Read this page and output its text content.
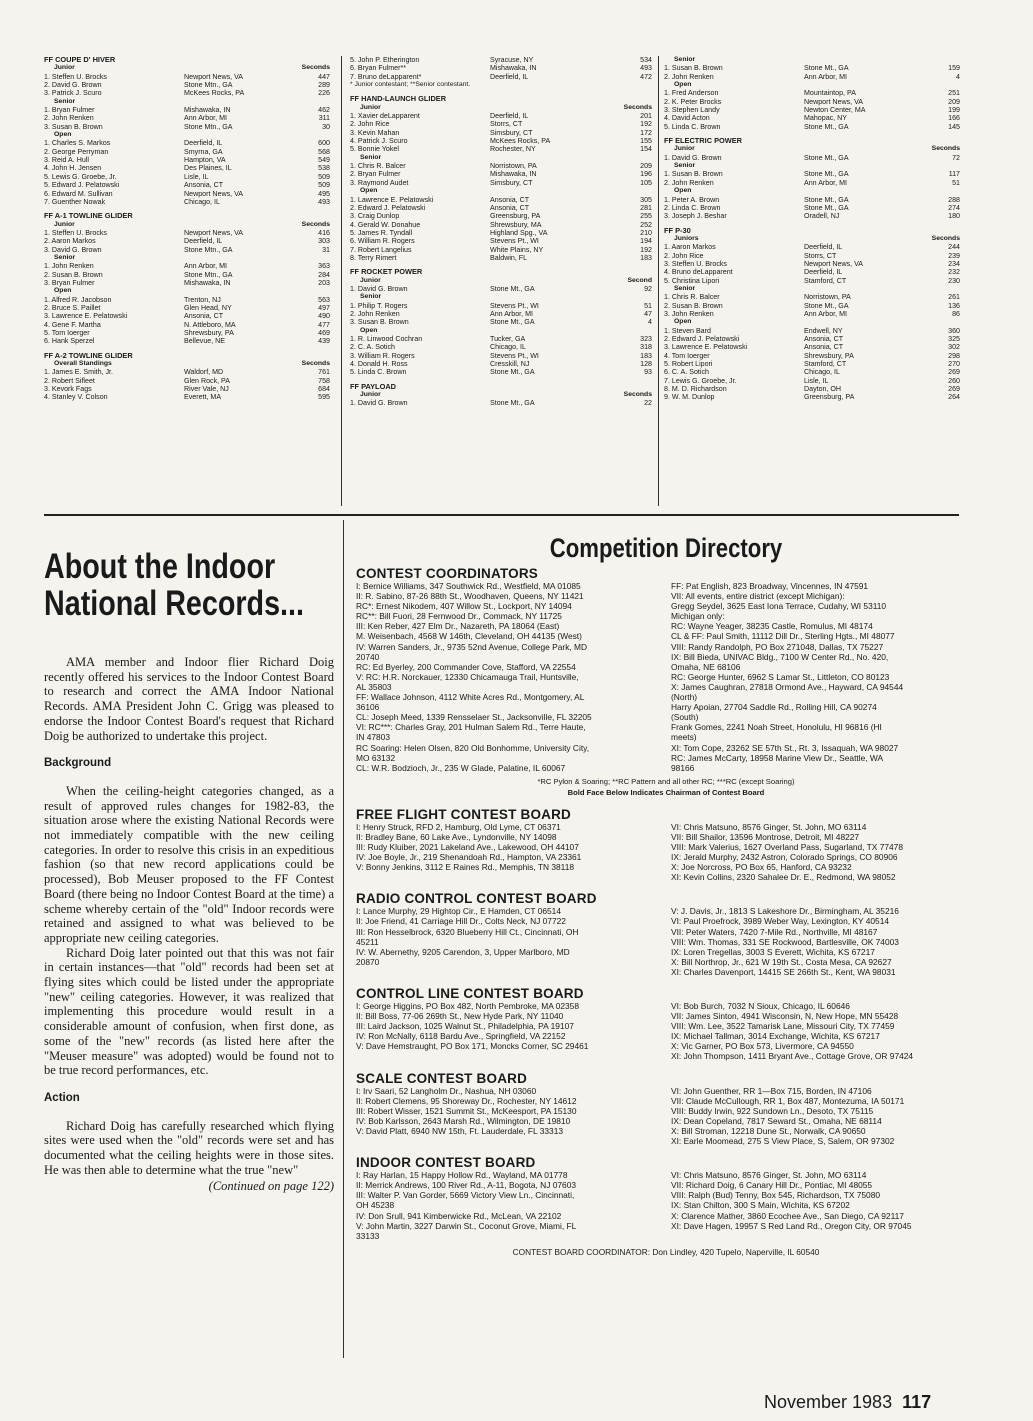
FF COUPE D' HIVER
Junior	Seconds
1. Steffen U. Brocks	Newport News, VA	447
2. David G. Brown	Stone Mtn., GA	289
3. Patrick J. Scuro	McKees Rocks, PA	226
Senior
1. Bryan Fulmer	Mishawaka, IN	462
2. John Renken	Ann Arbor, MI	311
3. Susan B. Brown	Stone Mtn., GA	30
Open
1. Charles S. Markos	Deerfield, IL	600
2. George Perryman	Smyrna, GA	568
3. Reid A. Hull	Hampton, VA	549
4. John H. Jensen	Des Plaines, IL	538
5. Lewis G. Groebe, Jr.	Lisle, IL	509
5. Edward J. Pelatowski	Ansonia, CT	509
6. Edward M. Sullivan	Newport News, VA	495
7. Guenther Nowak	Chicago, IL	493
FF A-1 TOWLINE GLIDER
Junior	Seconds
1. Steffen U. Brocks	Newport News, VA	416
2. Aaron Markos	Deerfield, IL	303
3. David G. Brown	Stone Mtn., GA	31
Senior
1. John Renken	Ann Arbor, MI	363
2. Susan B. Brown	Stone Mtn., GA	284
3. Bryan Fulmer	Mishawaka, IN	203
Open
1. Alfred R. Jacobson	Trenton, NJ	563
2. Bruce S. Paillet	Glen Head, NY	497
3. Lawrence E. Pelatowski	Ansonia, CT	490
4. Gene F. Martha	N. Attleboro, MA	477
5. Tom Ioerger	Shrewsbury, PA	469
6. Hank Sperzel	Bellevue, NE	439
FF A-2 TOWLINE GLIDER
Overall Standings	Seconds
1. James E. Smith, Jr.	Waldorf, MD	761
2. Robert Sifleet	Glen Rock, PA	758
3. Kevork Fags	River Vale, NJ	684
4. Stanley V. Colson	Everett, MA	595
5. John P. Etherington	Syracuse, NY	534
6. Bryan Fulmer**	Mishawaka, IN	493
7. Bruno deLapparent*	Deerfield, IL	472
* Junior contestant; **Senior contestant.
FF HAND-LAUNCH GLIDER
Junior	Seconds
1. Xavier deLapparent	Deerfield, IL	201
2. John Rice	Storrs, CT	192
3. Kevin Mahan	Simsbury, CT	172
4. Patrick J. Scuro	McKees Rocks, PA	155
5. Bonnie Yokel	Rochester, NY	154
Senior
1. Chris R. Balcer	Norristown, PA	209
2. Bryan Fulmer	Mishawaka, IN	196
3. Raymond Audet	Simsbury, CT	105
Open
1. Lawrence E. Pelatowski	Ansonia, CT	305
2. Edward J. Pelatowski	Ansonia, CT	281
3. Craig Dunlop	Greensburg, PA	255
4. Gerald W. Donahue	Shrewsbury, MA	252
5. James R. Tyndall	Highland Spg., VA	210
6. William R. Rogers	Stevens Pt., WI	194
7. Robert Langelius	White Plains, NY	192
8. Terry Rimert	Baldwin, FL	183
FF ROCKET POWER
Junior	Second
1. David G. Brown	Stone Mt., GA	92
Senior
1. Philip T. Rogers	Stevens Pt., WI	51
2. John Renken	Ann Arbor, MI	47
3. Susan B. Brown	Stone Mt., GA	4
Open
1. R. Linwood Cochran	Tucker, GA	323
2. C. A. Sotich	Chicago, IL	318
3. William R. Rogers	Stevens Pt., WI	183
4. Donald H. Ross	Cresskill, NJ	128
5. Linda C. Brown	Stone Mt., GA	93
FF PAYLOAD
Junior	Seconds
1. David G. Brown	Stone Mt., GA	22
Senior
1. Susan B. Brown	Stone Mt., GA	159
2. John Renken	Ann Arbor, MI	4
Open
1. Fred Anderson	Mountaintop, PA	251
2. K. Peter Brocks	Newport News, VA	209
3. Stephen Landy	Newton Center, MA	199
4. David Acton	Mahopac, NY	166
5. Linda C. Brown	Stone Mt., GA	145
FF ELECTRIC POWER
Junior	Seconds
1. David G. Brown	Stone Mt., GA	72
Senior
1. Susan B. Brown	Stone Mt., GA	117
2. John Renken	Ann Arbor, MI	51
Open
1. Peter A. Brown	Stone Mt., GA	288
2. Linda C. Brown	Stone Mt., GA	274
3. Joseph J. Beshar	Oradell, NJ	180
FF P-30
Juniors	Seconds
1. Aaron Markos	Deerfield, IL	244
2. John Rice	Storrs, CT	239
3. Steffen U. Brocks	Newport News, VA	234
4. Bruno deLapparent	Deerfield, IL	232
5. Christina Lipori	Stamford, CT	230
Senior
1. Chris R. Balcer	Norristown, PA	261
2. Susan B. Brown	Stone Mt., GA	136
3. John Renken	Ann Arbor, MI	86
Open
1. Steven Bard	Endwell, NY	360
2. Edward J. Pelatowski	Ansonia, CT	325
3. Lawrence E. Pelatowski	Ansonia, CT	302
4. Tom Ioerger	Shrewsbury, PA	298
5. Robert Lipori	Stamford, CT	270
6. C. A. Sotich	Chicago, IL	269
7. Lewis G. Groebe, Jr.	Lisle, IL	260
8. M. D. Richardson	Dayton, OH	269
9. W. M. Dunlop	Greensburg, PA	264
About the Indoor
National Records...

AMA member and Indoor flier Richard Doig recently offered his services to the Indoor Contest Board to research and correct the AMA Indoor National Records. AMA President John C. Grigg was pleased to endorse the Indoor Contest Board's request that Richard Doig be authorized to undertake this project.

Background

When the ceiling-height categories changed, as a result of approved rules changes for 1982-83, the situation arose where the existing National Records were not immediately compatible with the new ceiling categories. In order to resolve this crisis in an expeditious fashion (so that new record applications could be processed), Bob Meuser proposed to the FF Contest Board (there being no Indoor Contest Board at the time) a scheme whereby certain of the "old" Indoor records were retained and assigned to what was believed to be appropriate new ceiling categories.

Richard Doig later pointed out that this was not fair in certain instances—that "old" records had been set at flying sites which could be listed under the appropriate "new" ceiling categories. However, it was realized that implementing this procedure would result in a considerable amount of confusion, when first done, as some of the "new" records (as listed here after the "Meuser measure" was adopted) would be found not to be true record performances, etc.

Action

Richard Doig has carefully researched which flying sites were used when the "old" records were set and has documented what the ceiling heights were in those sites. He was then able to determine what the true "new"

(Continued on page 122)
Competition Directory
CONTEST COORDINATORS
I: Bernice Williams, 347 Southwick Rd., Westfield, MA 01085
II: R. Sabino, 87-26 88th St., Woodhaven, Queens, NY 11421
RC*: Ernest Nikodem, 407 Willow St., Lockport, NY 14094
RC**: Bill Fuori, 28 Fernwood Dr., Commack, NY 11725
III: Ken Reber, 427 Elm Dr., Nazareth, PA 18064 (East)
M. Weisenbach, 4568 W 146th, Cleveland, OH 44135 (West)
IV: Warren Sanders, Jr., 9735 52nd Avenue, College Park, MD
20740
RC: Ed Byerley, 200 Commander Cove, Stafford, VA 22554
V: RC: H.R. Norckauer, 12330 Chicamauga Trail, Huntsville,
AL 35803
FF: Wallace Johnson, 4112 White Acres Rd., Montgomery, AL
36106
CL: Joseph Meed, 1339 Rensselaer St., Jacksonville, FL 32205
VI: RC***: Charles Gray, 201 Hulman Salem Rd., Terre Haute,
IN 47803
RC Soaring: Helen Olsen, 820 Old Bonhomme, University City,
MO 63132
CL: W.R. Bodzioch, Jr., 235 W Glade, Palatine, IL 60067
FF: Pat English, 823 Broadway, Vincennes, IN 47591
VII: All events, entire district (except Michigan):
Gregg Seydel, 3625 East Iona Terrace, Cudahy, WI 53110
Michigan only:
RC: Wayne Yeager, 38235 Castle, Romulus, MI 48174
CL & FF: Paul Smith, 11112 Dill Dr., Sterling Hgts., MI 48077
VIII: Randy Randolph, PO Box 271048, Dallas, TX 75227
IX: Bill Bieda, UNIVAC Bldg., 7100 W Center Rd., No. 420,
Omaha, NE 68106
RC: George Hunter, 6962 S Lamar St., Littleton, CO 80123
X: James Caughran, 27818 Ormond Ave., Hayward, CA 94544
(North)
Harry Apoian, 27704 Saddle Rd., Rolling Hill, CA 90274
(South)
Frank Gomes, 2241 Noah Street, Honolulu, HI 96816 (HI
meets)
XI: Tom Cope, 23262 SE 57th St., Rt. 3, Issaquah, WA 98027
RC: James McCarty, 18958 Marine View Dr., Seattle, WA
98166
*RC Pylon & Soaring; **RC Pattern and all other RC; ***RC (except Soaring)
Bold Face Below Indicates Chairman of Contest Board
FREE FLIGHT CONTEST BOARD
I: Henry Struck, RFD 2, Hamburg, Old Lyme, CT 06371
II: Bradley Bane, 60 Lake Ave., Lyndonville, NY 14098
III: Rudy Kluiber, 2021 Lakeland Ave., Lakewood, OH 44107
IV: Joe Boyle, Jr., 219 Shenandoah Rd., Hampton, VA 23361
V: Bonny Jenkins, 3112 E Raines Rd., Memphis, TN 38118
VI: Chris Matsuno, 8576 Ginger, St. John, MO 63114
VII: Bill Shailor, 13596 Montrose, Detroit, MI 48227
VIII: Mark Valerius, 1627 Overland Pass, Sugarland, TX 77478
IX: Jerald Murphy, 2432 Astron, Colorado Springs, CO 80906
X: Joe Norcross, PO Box 65, Hanford, CA 93232
XI: Kevin Collins, 2320 Sahalee Dr. E., Redmond, WA 98052
RADIO CONTROL CONTEST BOARD
I: Lance Murphy, 29 Hightop Cir., E Hamden, CT 06514
II: Joe Friend, 41 Carriage Hill Dr., Colts Neck, NJ 07722
III: Ron Hesselbrock, 6320 Blueberry Hill Ct., Cincinnati, OH
45211
IV: W. Abernethy, 9205 Carendon, 3, Upper Marlboro, MD
20870
V: J. Davis, Jr., 1813 S Lakeshore Dr., Birmingham, AL 35216
VI: Paul Proefrock, 3989 Weber Way, Lexington, KY 40514
VII: Peter Waters, 7420 7-Mile Rd., Northville, MI 48167
VIII: Wm. Thomas, 331 SE Rockwood, Bartlesville, OK 74003
IX: Loren Tregellas, 3003 S Everett, Wichita, KS 67217
X: Bill Northrop, Jr., 621 W 19th St., Costa Mesa, CA 92627
XI: Charles Davenport, 14415 SE 266th St., Kent, WA 98031
CONTROL LINE CONTEST BOARD
I: George Higgins, PO Box 482, North Pembroke, MA 02358
II: Bill Boss, 77-06 269th St., New Hyde Park, NY 11040
III: Laird Jackson, 1025 Walnut St., Philadelphia, PA 19107
IV: Ron McNally, 6118 Bardu Ave., Springfield, VA 22152
V: Dave Hemstraught, PO Box 171, Moncks Corner, SC 29461
VI: Bob Burch, 7032 N Sioux, Chicago, IL 60646
VII: James Sinton, 4941 Wisconsin, N, New Hope, MN 55428
VIII: Wm. Lee, 3522 Tamarisk Lane, Missouri City, TX 77459
IX: Michael Tallman, 3014 Exchange, Wichita, KS 67217
X: Vic Garner, PO Box 573, Livermore, CA 94550
XI: John Thompson, 1411 Bryant Ave., Cottage Grove, OR 97424
SCALE CONTEST BOARD
I: Irv Saari, 52 Langholm Dr., Nashua, NH 03060
II: Robert Clemens, 95 Shoreway Dr., Rochester, NY 14612
III: Robert Wisser, 1521 Summit St., McKeesport, PA 15130
IV: Bob Karlsson, 2643 Marsh Rd., Wilmington, DE 19810
V: David Platt, 6940 NW 15th, Ft. Lauderdale, FL 33313
VI: John Guenther, RR 1—Box 715, Borden, IN 47106
VII: Claude McCullough, RR 1, Box 487, Montezuma, IA 50171
VIII: Buddy Irwin, 922 Sundown Ln., Desoto, TX 75115
IX: Dean Copeland, 7817 Seward St., Omaha, NE 68114
X: Bill Stroman, 12218 Dune St., Norwalk, CA 90650
XI: Earle Moomead, 275 S View Place, S, Salem, OR 97302
INDOOR CONTEST BOARD
I: Ray Harlan, 15 Happy Hollow Rd., Wayland, MA 01778
II: Merrick Andrews, 100 River Rd., A-11, Bogota, NJ 07603
III: Walter P. Van Gorder, 5669 Victory View Ln., Cincinnati,
OH 45238
IV: Don Srull, 941 Kimberwicke Rd., McLean, VA 22102
V: John Martin, 3227 Darwin St., Coconut Grove, Miami, FL
33133
VI: Chris Matsuno, 8576 Ginger, St. John, MO 63114
VII: Richard Doig, 6 Canary Hill Dr., Pontiac, MI 48055
VIII: Ralph (Bud) Tenny, Box 545, Richardson, TX 75080
IX: Stan Chilton, 300 S Main, Wichita, KS 67202
X: Clarence Mather, 3860 Ecochee Ave., San Diego, CA 92117
XI: Dave Hagen, 19957 S Red Land Rd., Oregon City, OR 97045
CONTEST BOARD COORDINATOR: Don Lindley, 420 Tupelo, Naperville, IL 60540
November 1983 117
